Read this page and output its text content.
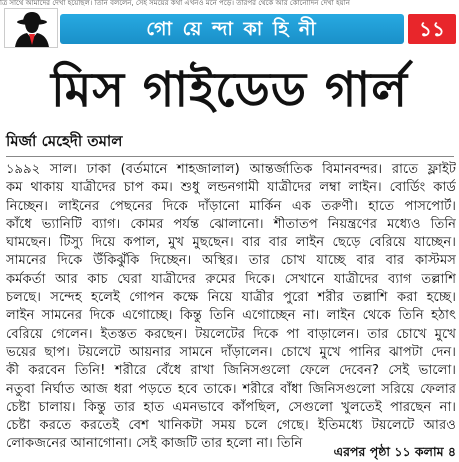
ত্রি সাথে আমাদের দেখা হয়েছিল। তিনি বললেন, সেই সময়ের কথা এখনও মনে পড়ে। তারপর থেকে আর কোনোদিন দেখা হয়নি
গো য়ে ন্দা কা হি নী	১১
মিস গাইডেড গার্ল
মির্জা মেহেদী তমাল
১৯৯২ সাল। ঢাকা (বর্তমানে শাহজালাল) আন্তর্জাতিক বিমানবন্দর। রাতে ফ্লাইট
কম থাকায় যাত্রীদের চাপ কম। শুধু লন্ডনগামী যাত্রীদের লম্বা লাইন। বোর্ডিং কার্ড
নিচ্ছেন। লাইনের পেছনের দিকে দাঁড়ানো মার্কিন এক তরুণী। হাতে পাসপোর্ট।
কাঁধে ভ্যানিটি ব্যাগ। কোমর পর্যন্ত ঝোলানো। শীতাতপ নিয়ন্ত্রণের মধ্যেও তিনি
ঘামছেন। টিস্যু দিয়ে কপাল, মুখ মুছছেন। বার বার লাইন ছেড়ে বেরিয়ে যাচ্ছেন।
সামনের দিকে উঁকিঝুঁকি দিচ্ছেন। অস্থির। তার চোখ যাচ্ছে বার বার কাস্টমস
কর্মকর্তা আর কাচ ঘেরা যাত্রীদের রুমের দিকে। সেখানে যাত্রীদের ব্যাগ তল্লাশি
চলছে। সন্দেহ হলেই গোপন কক্ষে নিয়ে যাত্রীর পুরো শরীর তল্লাশি করা হচ্ছে।
লাইন সামনের দিকে এগোচ্ছে। কিন্তু তিনি এগোচ্ছেন না। লাইন থেকে তিনি হঠাৎ
বেরিয়ে গেলেন। ইতস্তত করছেন। টয়লেটের দিকে পা বাড়ালেন। তার চোখে মুখে
ভয়ের ছাপ। টয়লেটে আয়নার সামনে দাঁড়ালেন। চোখে মুখে পানির ঝাপটা দেন।
কী করবেন তিনি! শরীরে বেঁধে রাখা জিনিসগুলো ফেলে দেবেন? সেই ভালো।
নতুবা নির্ঘাত আজ ধরা পড়তে হবে তাকে। শরীরে বাঁধা জিনিসগুলো সরিয়ে ফেলার
চেষ্টা চালায়। কিন্তু তার হাত এমনভাবে কাঁপছিল, সেগুলো খুলতেই পারছেন না।
চেষ্টা করতে করতেই বেশ খানিকটা সময় চলে গেছে। ইতিমধ্যে টয়লেটে আরও
লোকজনের আনাগোনা। সেই কাজটি তার হলো না। তিনি
এরপর পৃষ্ঠা ১১ কলাম ৪
